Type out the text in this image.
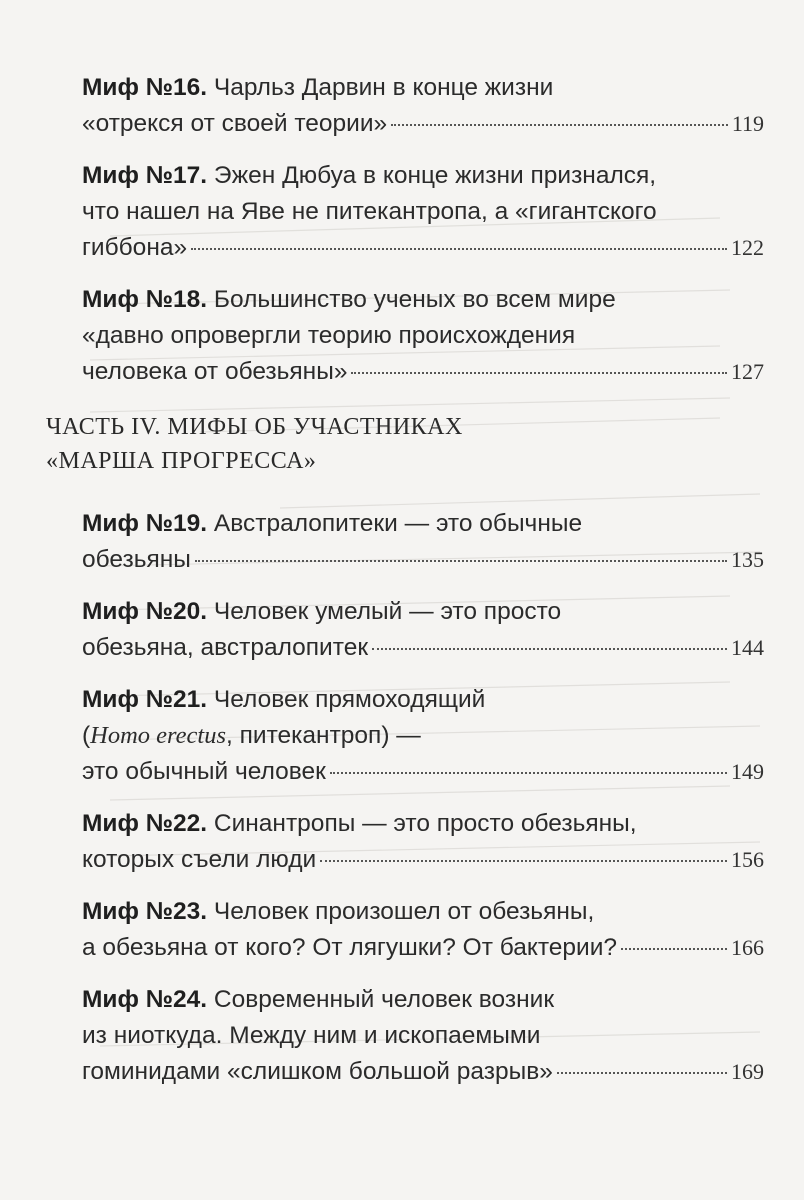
Миф №16. Чарльз Дарвин в конце жизни
«отрекся от своей теории»	119
Миф №17. Эжен Дюбуа в конце жизни признался,
что нашел на Яве не питекантропа, а «гигантского
гиббона»	122
Миф №18. Большинство ученых во всем мире
«давно опровергли теорию происхождения
человека от обезьяны»	127
ЧАСТЬ IV. МИФЫ ОБ УЧАСТНИКАХ
«МАРША ПРОГРЕССА»
Миф №19. Австралопитеки — это обычные
обезьяны	135
Миф №20. Человек умелый — это просто
обезьяна, австралопитек	144
Миф №21. Человек прямоходящий
(Homo erectus, питекантроп) —
это обычный человек	149
Миф №22. Синантропы — это просто обезьяны,
которых съели люди	156
Миф №23. Человек произошел от обезьяны,
а обезьяна от кого? От лягушки? От бактерии?	166
Миф №24. Современный человек возник
из ниоткуда. Между ним и ископаемыми
гоминидами «слишком большой разрыв»	169
